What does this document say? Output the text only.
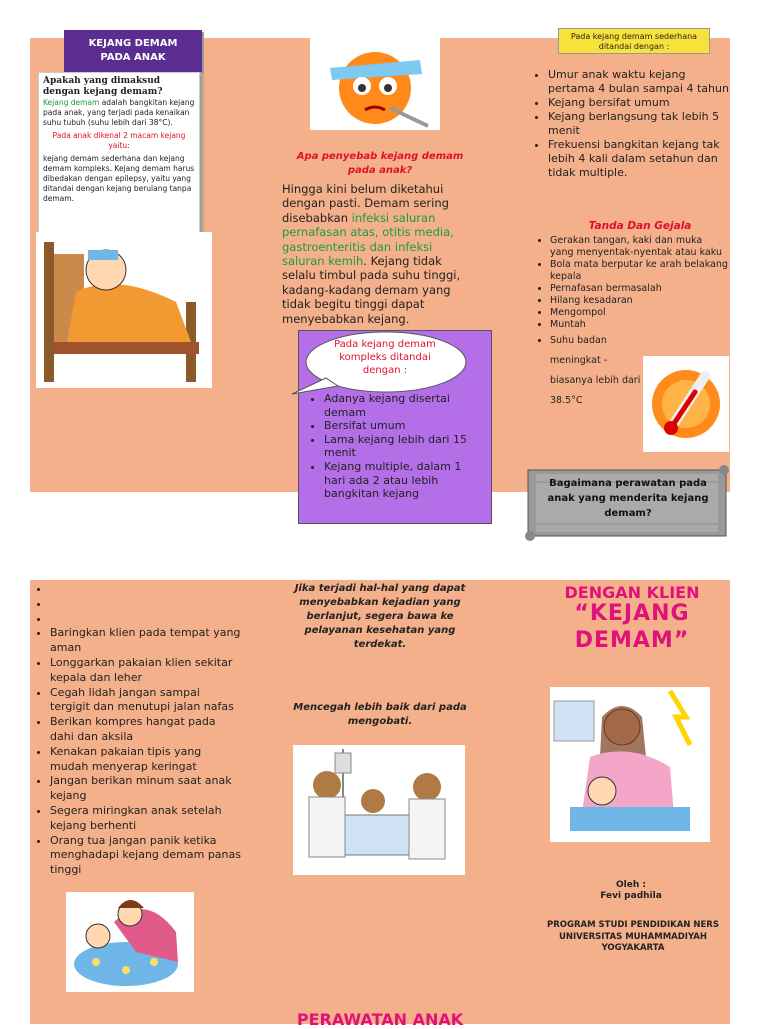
KEJANG DEMAM PADA ANAK
Apakah yang dimaksud dengan kejang demam?
Kejang demam adalah bangkitan kejang pada anak, yang terjadi pada kenaikan suhu tubuh (suhu lebih dari 38°C).
Pada anak dikenal 2 macam kejang yaitu:
kejang demam sederhana dan kejang demam kompleks. Kejang demam harus dibedakan dengan epilepsy, yaitu yang ditandai dengan kejang berulang tanpa demam.
Apa penyebab kejang demam pada anak?
Hingga kini belum diketahui dengan pasti. Demam sering disebabkan infeksi saluran pernafasan atas, otitis media, gastroenteritis dan infeksi saluran kemih. Kejang tidak selalu timbul pada suhu tinggi, kadang-kadang demam yang tidak begitu tinggi dapat menyebabkan kejang.
Pada kejang demam kompleks ditandai dengan :
• Adanya kejang disertai demam
• Bersifat umum
• Lama kejang lebih dari 15 menit
• Kejang multiple, dalam 1 hari ada 2 atau lebih bangkitan kejang
Pada kejang demam sederhana ditandai dengan :
• Umur anak waktu kejang pertama 4 bulan sampai 4 tahun
• Kejang bersifat umum
• Kejang berlangsung tak lebih 5 menit
• Frekuensi bangkitan kejang tak lebih 4 kali dalam setahun dan tidak multiple.
Tanda Dan Gejala
• Gerakan tangan, kaki dan muka yang menyentak-nyentak atau kaku
• Bola mata berputar ke arah belakang kepala
• Pernafasan bermasalah
• Hilang kesadaran
• Mengompol
• Muntah
• Suhu badan meningkat - biasanya lebih dari 38.5°C
Bagaimana perawatan pada anak yang menderita kejang demam?
•
•
•
• Baringkan klien pada tempat yang aman
• Longgarkan pakaian klien sekitar kepala dan leher
• Cegah lidah jangan sampai tergigit dan menutupi jalan nafas
• Berikan kompres hangat pada dahi dan aksila
• Kenakan pakaian tipis yang mudah menyerap keringat
• Jangan berikan minum saat anak kejang
• Segera miringkan anak setelah kejang berhenti
• Orang tua jangan panik ketika menghadapi kejang demam panas tinggi
Jika terjadi hal-hal yang dapat menyebabkan kejadian yang berlanjut, segera bawa ke pelayanan kesehatan yang terdekat.
Mencegah lebih baik dari pada mengobati.
DENGAN KLIEN
“KEJANG DEMAM”
Oleh :
Fevi padhila
PROGRAM STUDI PENDIDIKAN NERS UNIVERSITAS MUHAMMADIYAH YOGYAKARTA
PERAWATAN ANAK
